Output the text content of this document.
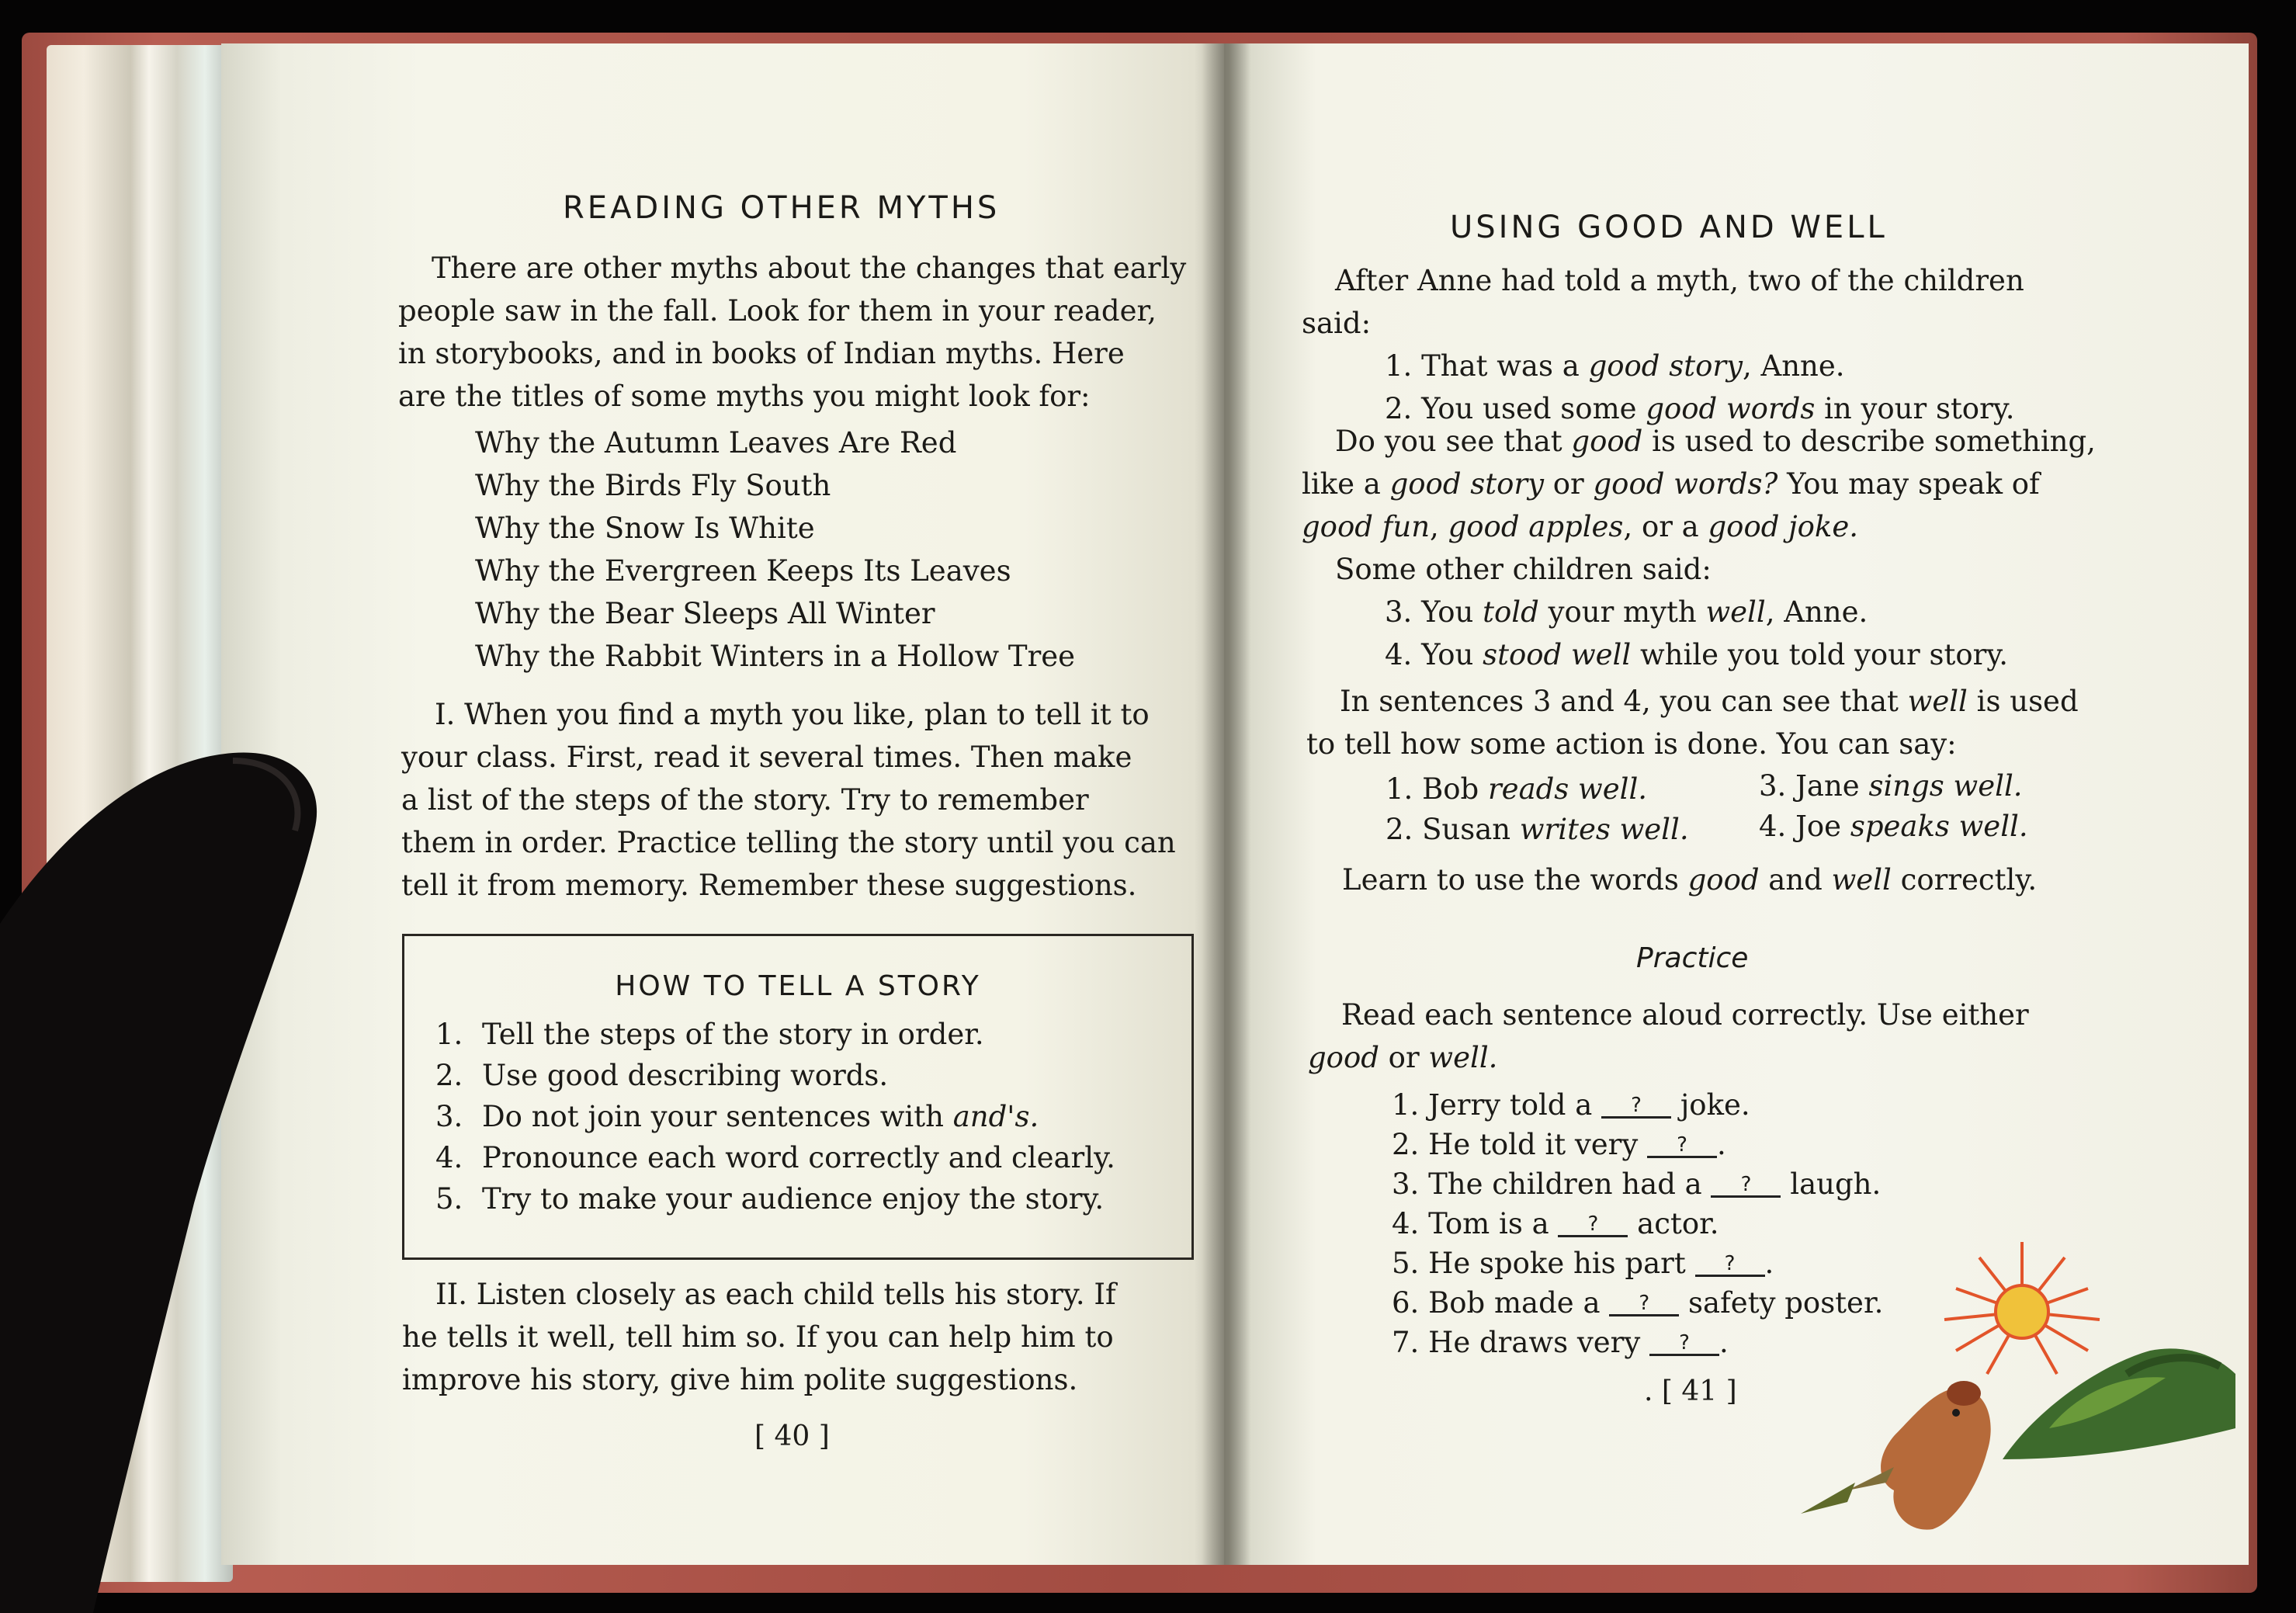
READING OTHER MYTHS

There are other myths about the changes that early

people saw in the fall. Look for them in your reader,

in storybooks, and in books of Indian myths. Here

are the titles of some myths you might look for:

Why the Autumn Leaves Are Red

Why the Birds Fly South

Why the Snow Is White

Why the Evergreen Keeps Its Leaves

Why the Bear Sleeps All Winter

Why the Rabbit Winters in a Hollow Tree

I. When you find a myth you like, plan to tell it to

your class. First, read it several times. Then make

a list of the steps of the story. Try to remember

them in order. Practice telling the story until you can

tell it from memory. Remember these suggestions.

HOW TO TELL A STORY
1. Tell the steps of the story in order.
2. Use good describing words.
3. Do not join your sentences with and's.
4. Pronounce each word correctly and clearly.
5. Try to make your audience enjoy the story.

II. Listen closely as each child tells his story. If

he tells it well, tell him so. If you can help him to

improve his story, give him polite suggestions.

[ 40 ]
USING GOOD AND WELL

After Anne had told a myth, two of the children

said:

1. That was a good story, Anne.

2. You used some good words in your story.

Do you see that good is used to describe something,

like a good story or good words? You may speak of

good fun, good apples, or a good joke.

Some other children said:

3. You told your myth well, Anne.

4. You stood well while you told your story.

In sentences 3 and 4, you can see that well is used

to tell how some action is done. You can say:

1. Bob reads well.

2. Susan writes well.

3. Jane sings well.

4. Joe speaks well.

Learn to use the words good and well correctly.

Practice

Read each sentence aloud correctly. Use either

good or well.

1. Jerry told a ? joke.

2. He told it very ? .

3. The children had a ? laugh.

4. Tom is a ? actor.

5. He spoke his part ? .

6. Bob made a ? safety poster.

7. He draws very ? .

. [ 41 ]
